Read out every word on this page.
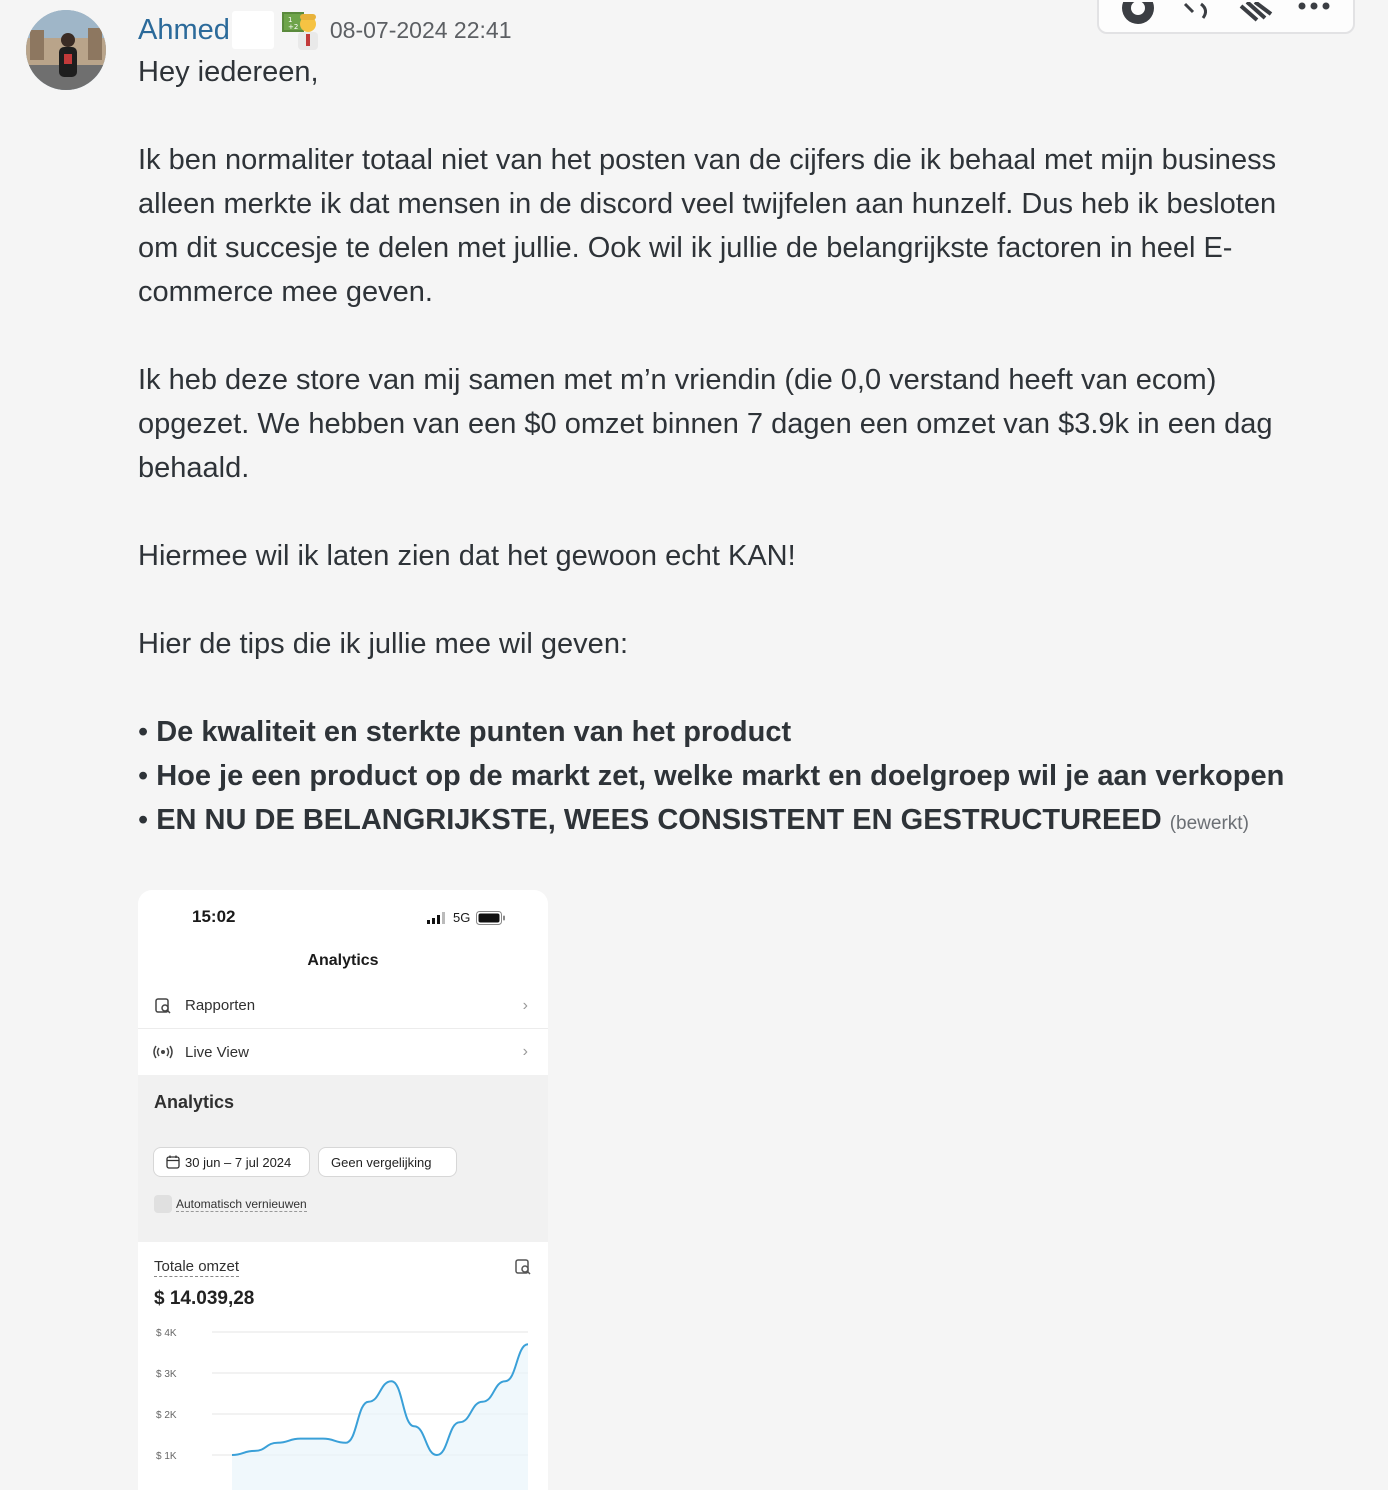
Ahmed	1
+2 08-07-2024 22:41

Hey iedereen,

Ik ben normaliter totaal niet van het posten van de cijfers die ik behaal met mijn business alleen merkte ik dat mensen in de discord veel twijfelen aan hunzelf. Dus heb ik besloten om dit succesje te delen met jullie. Ook wil ik jullie de belangrijkste factoren in heel E-commerce mee geven.

Ik heb deze store van mij samen met m’n vriendin (die 0,0 verstand heeft van ecom) opgezet. We hebben van een $0 omzet binnen 7 dagen een omzet van $3.9k in een dag behaald.

Hiermee wil ik laten zien dat het gewoon echt KAN!

Hier de tips die ik jullie mee wil geven:

• De kwaliteit en sterkte punten van het product

• Hoe je een product op de markt zet, welke markt en doelgroep wil je aan verkopen

• EN NU DE BELANGRIJKSTE, WEES CONSISTENT EN GESTRUCTUREED (bewerkt)

15:02	5G
Analytics
Rapporten	›
Live View	›
Analytics
30 jun – 7 jul 2024	Geen vergelijking
Automatisch vernieuwen
Totale omzet
$ 14.039,28
$ 4K
$ 3K
$ 2K
$ 1K
